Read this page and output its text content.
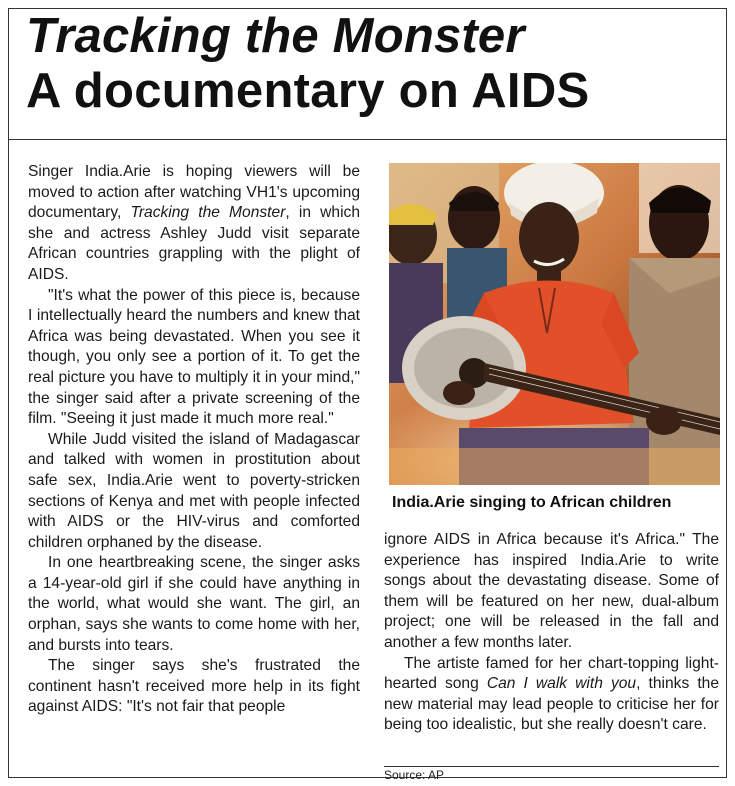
Tracking the Monster
A documentary on AIDS

Singer India.Arie is hoping viewers will be moved to action after watching VH1's upcoming documentary, Tracking the Monster, in which she and actress Ashley Judd visit separate African countries grappling with the plight of AIDS.

"It's what the power of this piece is, because I intellectually heard the numbers and knew that Africa was being devastated. When you see it though, you only see a portion of it. To get the real picture you have to multiply it in your mind," the singer said after a private screening of the film. "Seeing it just made it much more real."

While Judd visited the island of Madagascar and talked with women in prostitution about safe sex, India.Arie went to poverty-stricken sections of Kenya and met with people infected with AIDS or the HIV-virus and comforted children orphaned by the disease.

In one heartbreaking scene, the singer asks a 14-year-old girl if she could have anything in the world, what would she want. The girl, an orphan, says she wants to come home with her, and bursts into tears.

The singer says she's frustrated the continent hasn't received more help in its fight against AIDS: "It's not fair that people

India.Arie singing to African children

ignore AIDS in Africa because it's Africa." The experience has inspired India.Arie to write songs about the devastating disease. Some of them will be featured on her new, dual-album project; one will be released in the fall and another a few months later.

The artiste famed for her chart-topping light-hearted song Can I walk with you, thinks the new material may lead people to criticise her for being too idealistic, but she really doesn't care.

Source: AP
